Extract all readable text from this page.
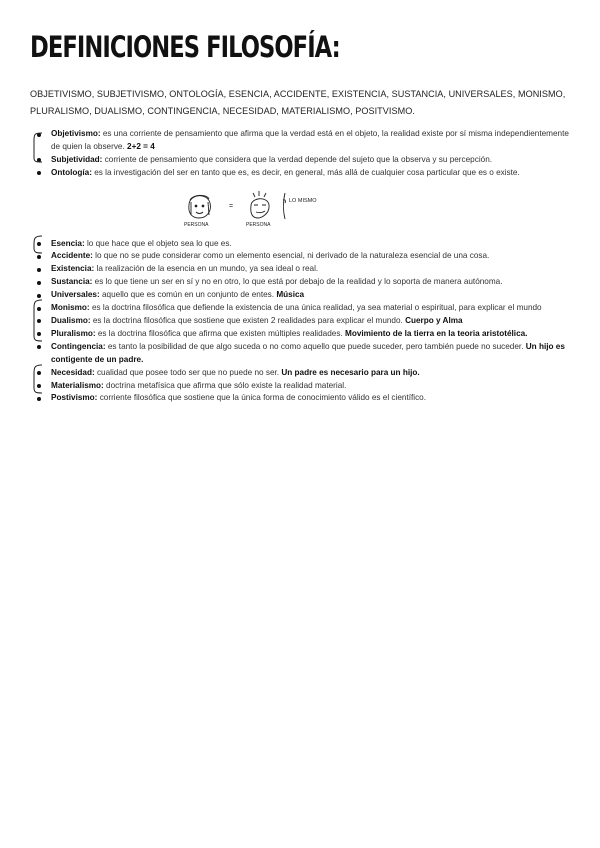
DEFINICIONES FILOSOFÍA:
OBJETIVISMO, SUBJETIVISMO, ONTOLOGÍA, ESENCIA, ACCIDENTE, EXISTENCIA, SUSTANCIA, UNIVERSALES, MONISMO, PLURALISMO, DUALISMO, CONTINGENCIA, NECESIDAD, MATERIALISMO, POSITVISMO.
Objetivismo: es una corriente de pensamiento que afirma que la verdad está en el objeto, la realidad existe por sí misma independientemente de quien la observe. 2+2 = 4
Subjetividad: corriente de pensamiento que considera que la verdad depende del sujeto que la observa y su percepción.
Ontología: es la investigación del ser en tanto que es, es decir, en general, más allá de cualquier cosa particular que es o existe.
PERSONA
=
PERSONA
LO MISMO
Esencia: lo que hace que el objeto sea lo que es.
Accidente: lo que no se pude considerar como un elemento esencial, ni derivado de la naturaleza esencial de una cosa.
Existencia: la realización de la esencia en un mundo, ya sea ideal o real.
Sustancia: es lo que tiene un ser en sí y no en otro, lo que está por debajo de la realidad y lo soporta de manera autónoma.
Universales: aquello que es común en un conjunto de entes. Música
Monismo: es la doctrina filosófica que defiende la existencia de una única realidad, ya sea material o espiritual, para explicar el mundo
Dualismo: es la doctrina filosófica que sostiene que existen 2 realidades para explicar el mundo. Cuerpo y Alma
Pluralismo: es la doctrina filosófica que afirma que existen múltiples realidades. Movimiento de la tierra en la teoria aristotélica.
Contingencia: es tanto la posibilidad de que algo suceda o no como aquello que puede suceder, pero también puede no suceder. Un hijo es contigente de un padre.
Necesidad: cualidad que posee todo ser que no puede no ser. Un padre es necesario para un hijo.
Materialismo: doctrina metafísica que afirma que sólo existe la realidad material.
Postivismo: corriente filosófica que sostiene que la única forma de conocimiento válido es el científico.
